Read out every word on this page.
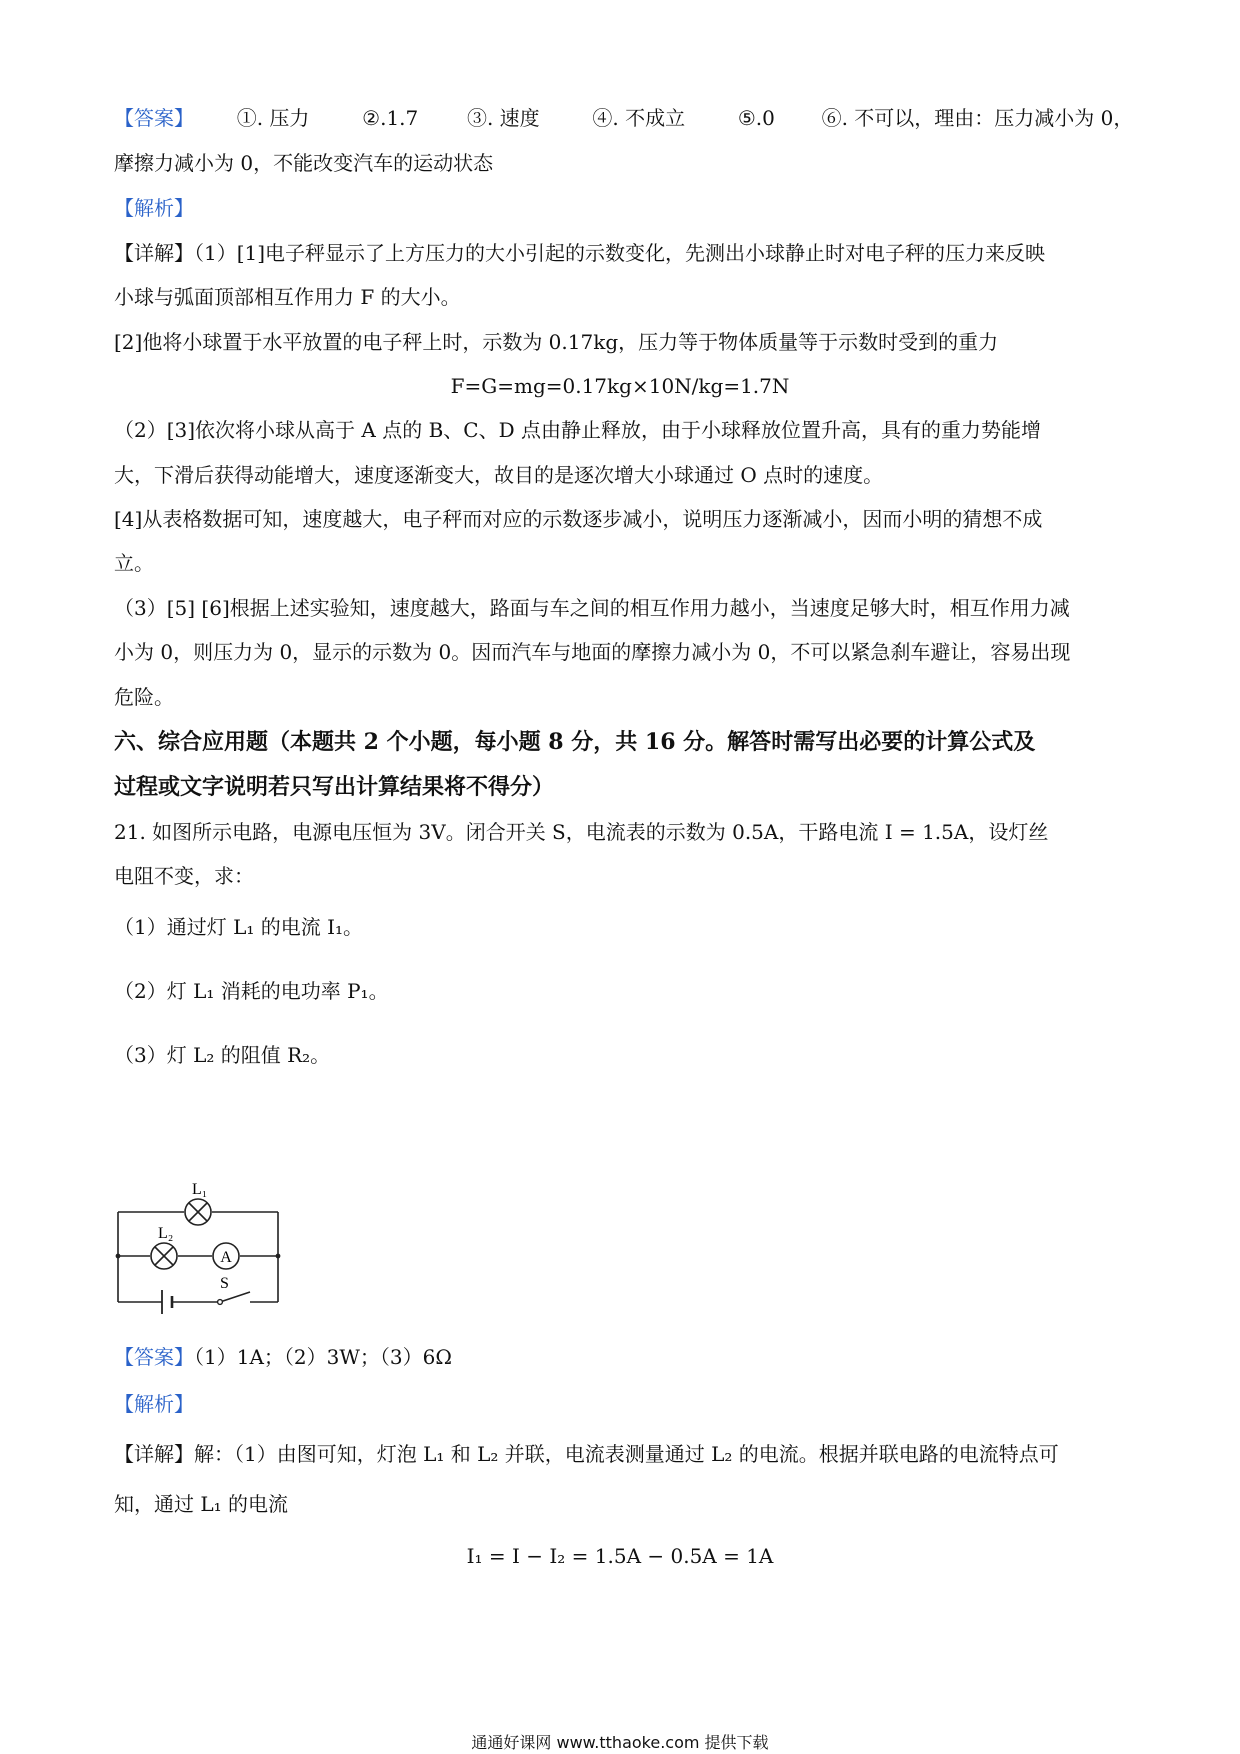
【答案】 ①. 压力	②.1.7 ③. 速度	④. 不成立	⑤.0 ⑥. 不可以，理由：压力减小为 0，
摩擦力减小为 0，不能改变汽车的运动状态
【解析】
【详解】（1）[1]电子秤显示了上方压力的大小引起的示数变化，先测出小球静止时对电子秤的压力来反映
小球与弧面顶部相互作用力 F 的大小。
[2]他将小球置于水平放置的电子秤上时，示数为 0.17kg，压力等于物体质量等于示数时受到的重力
F=G=mg=0.17kg×10N/kg=1.7N
（2）[3]依次将小球从高于 A 点的 B、C、D 点由静止释放，由于小球释放位置升高，具有的重力势能增
大，下滑后获得动能增大，速度逐渐变大，故目的是逐次增大小球通过 O 点时的速度。
[4]从表格数据可知，速度越大，电子秤而对应的示数逐步减小，说明压力逐渐减小，因而小明的猜想不成
立。
（3）[5] [6]根据上述实验知，速度越大，路面与车之间的相互作用力越小，当速度足够大时，相互作用力减
小为 0，则压力为 0，显示的示数为 0。因而汽车与地面的摩擦力减小为 0，不可以紧急刹车避让，容易出现
危险。
六、综合应用题（本题共 2 个小题，每小题 8 分，共 16 分。解答时需写出必要的计算公式及
过程或文字说明若只写出计算结果将不得分）
21. 如图所示电路，电源电压恒为 3V。闭合开关 S，电流表的示数为 0.5A，干路电流 I = 1.5A，设灯丝
电阻不变，求：
（1）通过灯 L₁ 的电流 I₁。
（2）灯 L₁ 消耗的电功率 P₁。
（3）灯 L₂ 的阻值 R₂。
A
L₁
L₂
S
【答案】（1）1A；（2）3W；（3）6Ω
【解析】
【详解】解：（1）由图可知，灯泡 L₁ 和 L₂ 并联，电流表测量通过 L₂ 的电流。根据并联电路的电流特点可
知，通过 L₁ 的电流
I₁ = I − I₂ = 1.5A − 0.5A = 1A
通通好课网 www.tthaoke.com 提供下载
